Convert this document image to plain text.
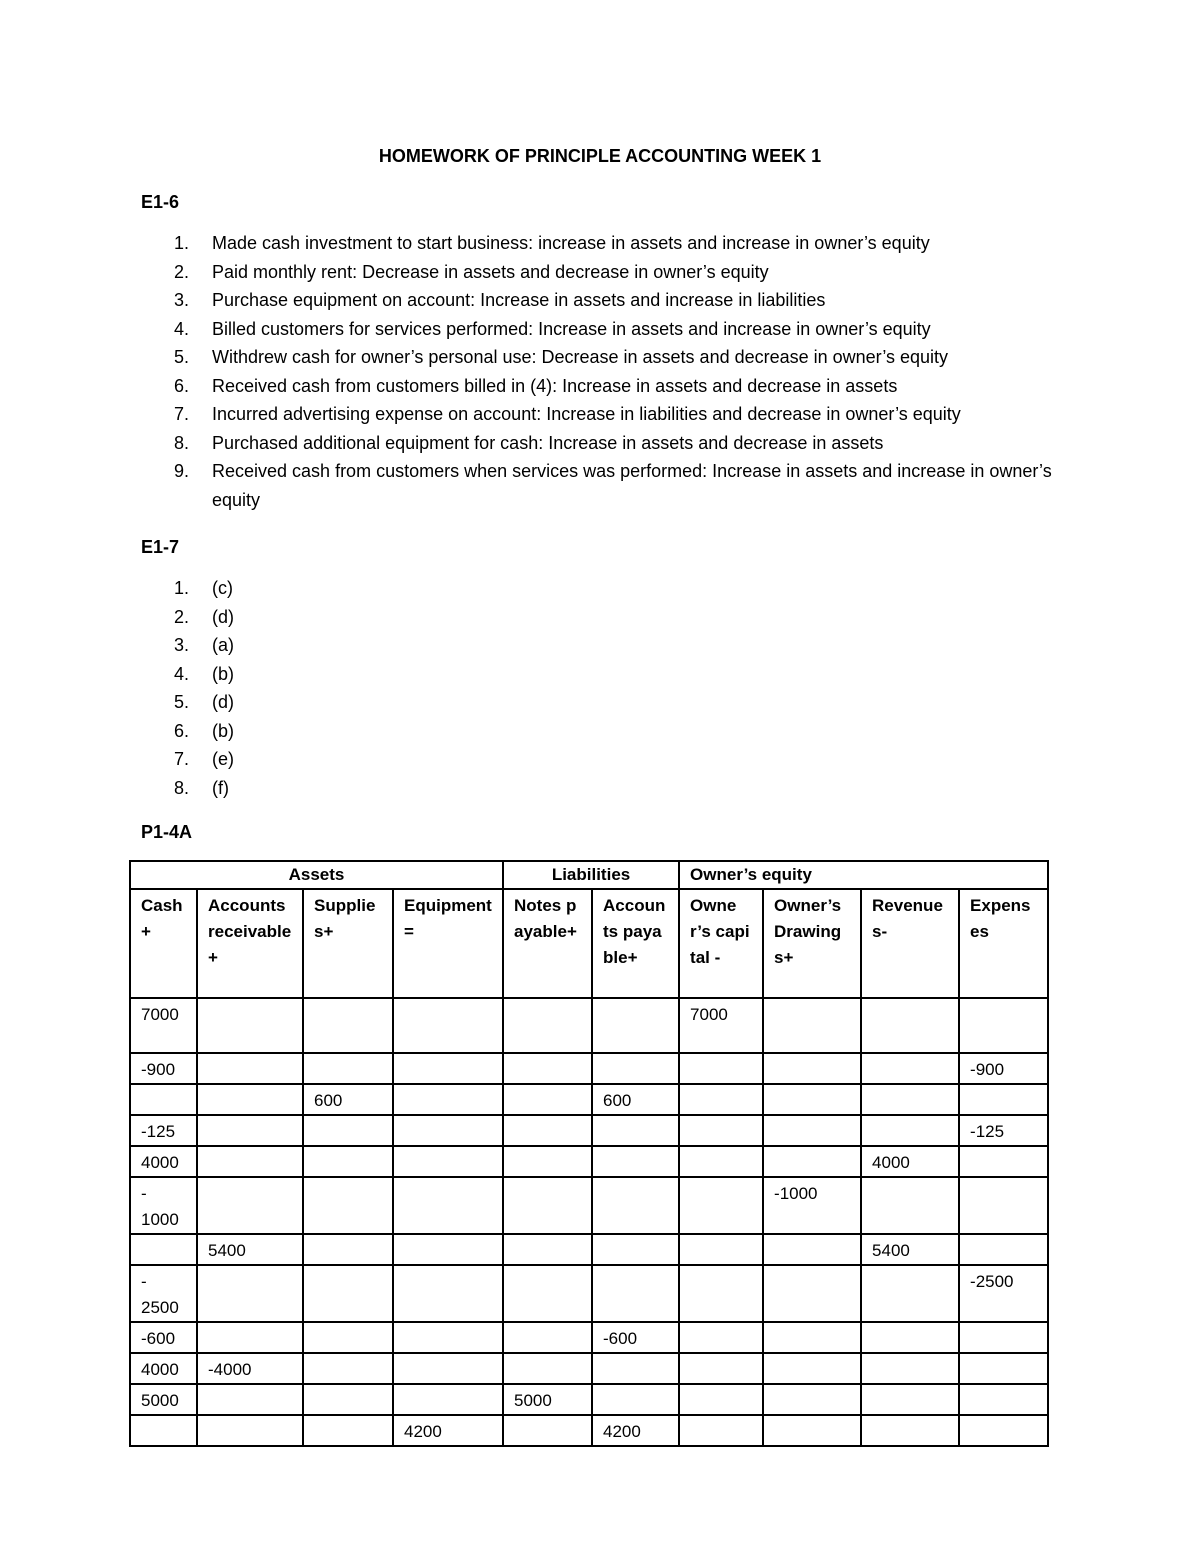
HOMEWORK OF PRINCIPLE ACCOUNTING WEEK 1
E1-6
1. Made cash investment to start business: increase in assets and increase in owner’s equity
2. Paid monthly rent: Decrease in assets and decrease in owner’s equity
3. Purchase equipment on account: Increase in assets and increase in liabilities
4. Billed customers for services performed: Increase in assets and increase in owner’s equity
5. Withdrew cash for owner’s personal use: Decrease in assets and decrease in owner’s equity
6. Received cash from customers billed in (4): Increase in assets and decrease in assets
7. Incurred advertising expense on account: Increase in liabilities and decrease in owner’s equity
8. Purchased additional equipment for cash: Increase in assets and decrease in assets
9. Received cash from customers when services was performed: Increase in assets and increase in owner’s equity
E1-7
1. (c)
2. (d)
3. (a)
4. (b)
5. (d)
6. (b)
7. (e)
8. (f)
P1-4A
Assets				Liabilities		Owner’s equity			
Cash +	Accounts receivable+	Supplies+	Equipment=	Notes payable+	Accounts payable+	Owner’s capital -	Owner’s Drawings+	Revenues-	Expenses
7000						7000			
-900									-900
		600			600				
-125									-125
4000								4000	
- 1000							-1000		
	5400							5400	
- 2500									-2500
-600					-600				
4000	-4000								
5000				5000					
			4200		4200				
